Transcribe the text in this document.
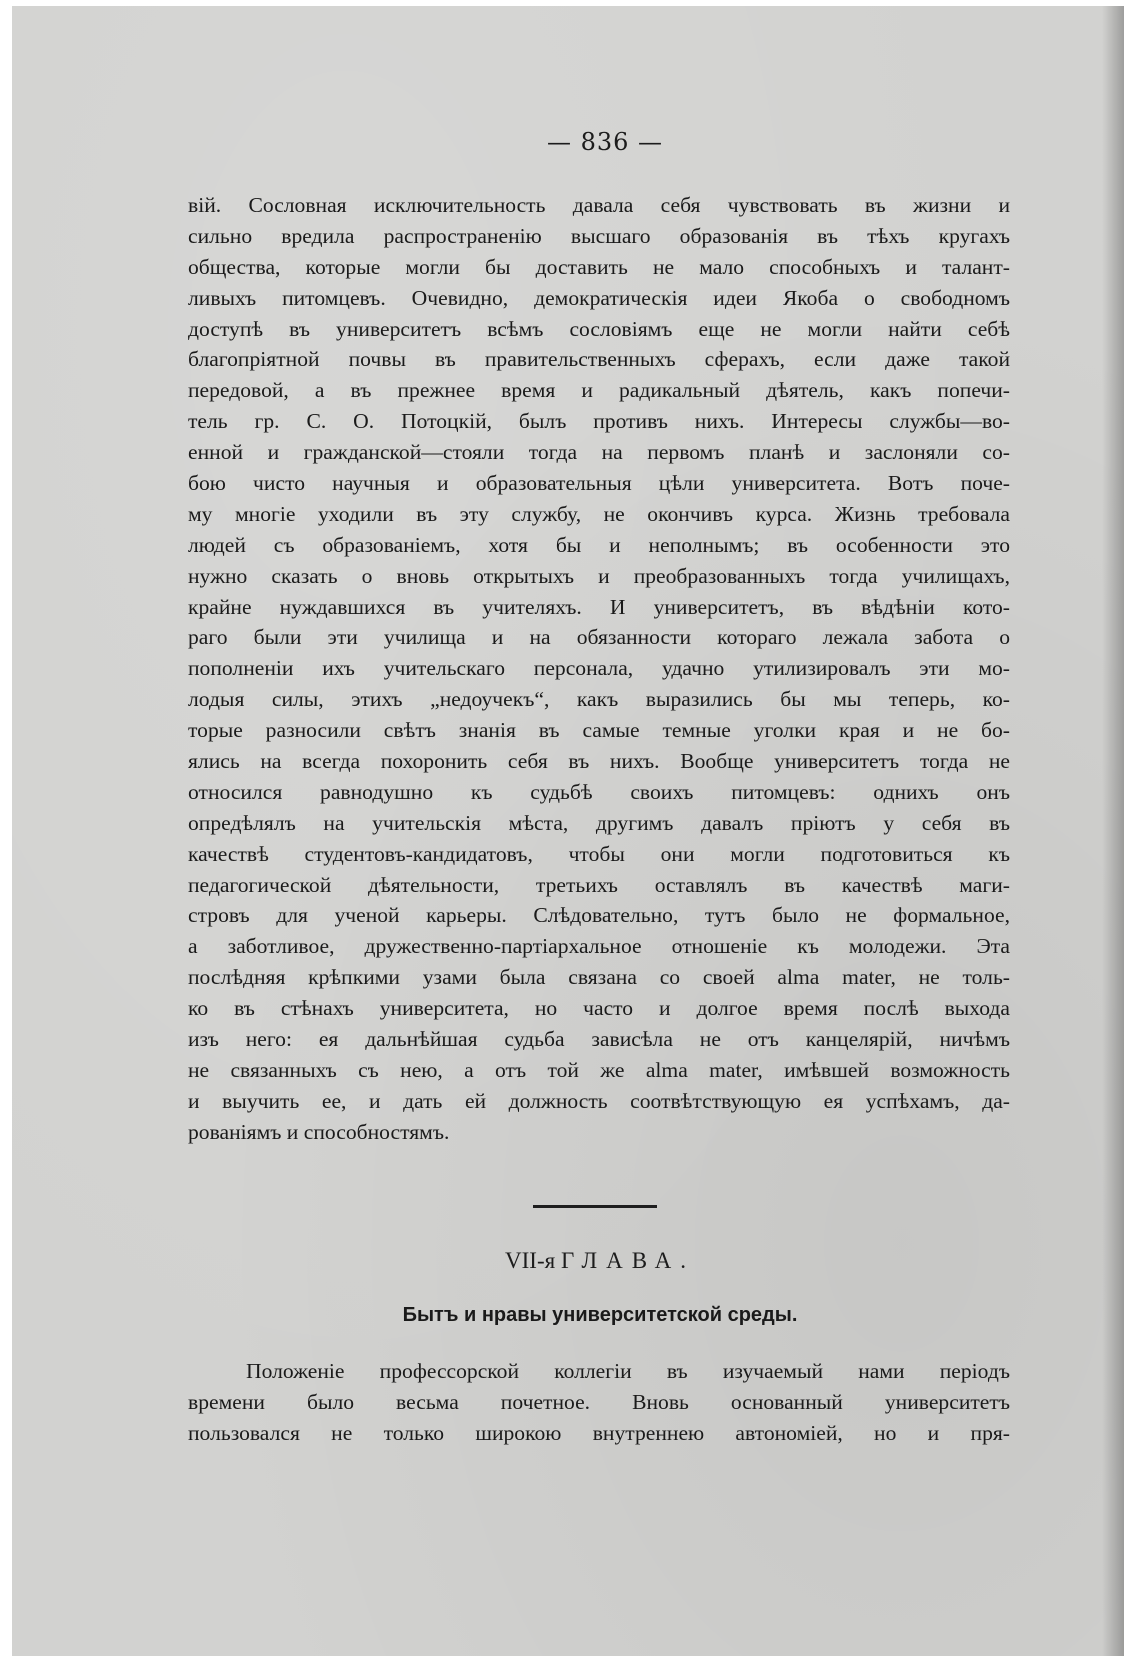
— 836 —
вій. Сословная исключительность давала себя чувствовать въ жизни и
сильно вредила распространенію высшаго образованія въ тѣхъ кругахъ
общества, которые могли бы доставить не мало способныхъ и талант-
ливыхъ питомцевъ. Очевидно, демократическія идеи Якоба о свободномъ
доступѣ въ университетъ всѣмъ сословіямъ еще не могли найти себѣ
благопріятной почвы въ правительственныхъ сферахъ, если даже такой
передовой, а въ прежнее время и радикальный дѣятель, какъ попечи-
тель гр. С. О. Потоцкій, былъ противъ нихъ. Интересы службы—во-
енной и гражданской—стояли тогда на первомъ планѣ и заслоняли со-
бою чисто научныя и образовательныя цѣли университета. Вотъ поче-
му многіе уходили въ эту службу, не окончивъ курса. Жизнь требовала
людей съ образованіемъ, хотя бы и неполнымъ; въ особенности это
нужно сказать о вновь открытыхъ и преобразованныхъ тогда училищахъ,
крайне нуждавшихся въ учителяхъ. И университетъ, въ вѣдѣніи кото-
раго были эти училища и на обязанности котораго лежала забота о
пополненіи ихъ учительскаго персонала, удачно утилизировалъ эти мо-
лодыя силы, этихъ „недоучекъ“, какъ выразились бы мы теперь, ко-
торые разносили свѣтъ знанія въ самые темные уголки края и не бо-
ялись на всегда похоронить себя въ нихъ. Вообще университетъ тогда не
относился равнодушно къ судьбѣ своихъ питомцевъ: однихъ онъ
опредѣлялъ на учительскія мѣста, другимъ давалъ пріютъ у себя въ
качествѣ студентовъ-кандидатовъ, чтобы они могли подготовиться къ
педагогической дѣятельности, третьихъ оставлялъ въ качествѣ маги-
стровъ для ученой карьеры. Слѣдовательно, тутъ было не формальное,
а заботливое, дружественно-партіархальное отношеніе къ молодежи. Эта
послѣдняя крѣпкими узами была связана со своей alma mater, не толь-
ко въ стѣнахъ университета, но часто и долгое время послѣ выхода
изъ него: ея дальнѣйшая судьба зависѣла не отъ канцелярій, ничѣмъ
не связанныхъ съ нею, а отъ той же alma mater, имѣвшей возможность
и выучить ее, и дать ей должность соотвѣтствующую ея успѣхамъ, да-
рованіямъ и способностямъ.
VII-я ГЛАВА.
Бытъ и нравы университетской среды.
Положеніе профессорской коллегіи въ изучаемый нами періодъ
времени было весьма почетное. Вновь основанный университетъ
пользовался не только широкою внутреннею автономіей, но и пря-
